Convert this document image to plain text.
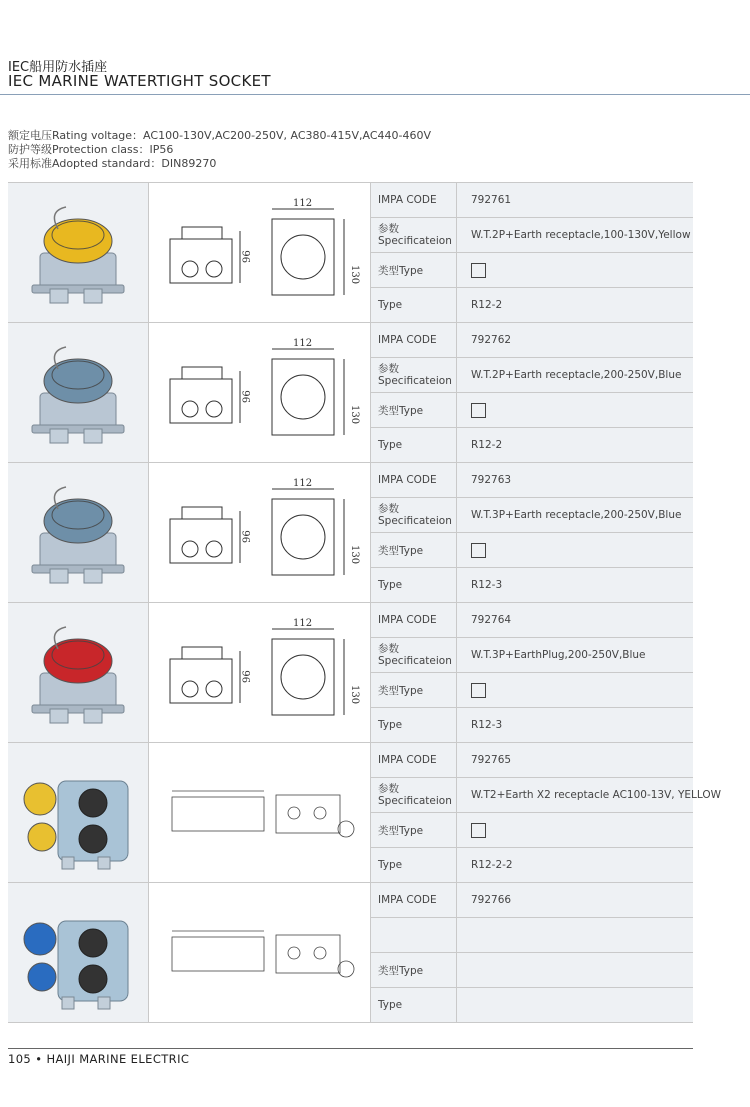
IEC船用防水插座
IEC MARINE WATERTIGHT SOCKET
额定电压Rating voltage：AC100-130V,AC200-250V, AC380-415V,AC440-460V
防护等级Protection class：IP56
采用标准Adopted standard：DIN89270

112
130
96	IMPA CODE	792761

		参数
Specificateion	W.T.2P+Earth receptacle,100-130V,Yellow
		类型Type	
		Type	R12-2

112
130
96	IMPA CODE	792762

		参数
Specificateion	W.T.2P+Earth receptacle,200-250V,Blue
		类型Type	
		Type	R12-2

112
130
96	IMPA CODE	792763

		参数
Specificateion	W.T.3P+Earth receptacle,200-250V,Blue
		类型Type	
		Type	R12-3

112
130
96	IMPA CODE	792764

		参数
Specificateion	W.T.3P+EarthPlug,200-250V,Blue
		类型Type	
		Type	R12-3
		IMPA CODE	792765

		参数
Specificateion	W.T2+Earth X2 receptacle AC100-13V, YELLOW
		类型Type	
		Type	R12-2-2
		IMPA CODE	792766

		类型Type	
		Type	
105 • HAIJI MARINE ELECTRIC
